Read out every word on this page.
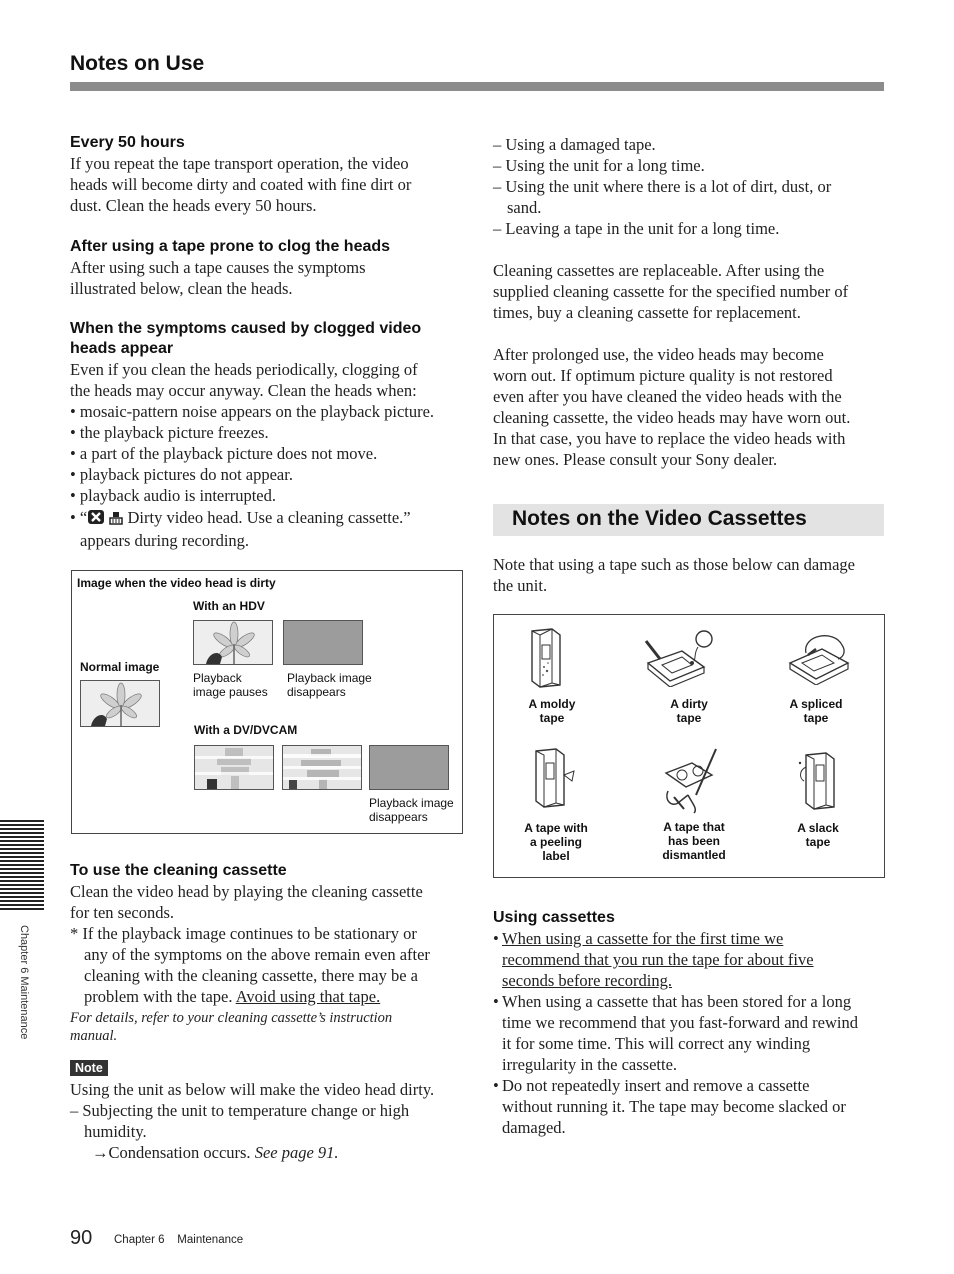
Notes on Use
Every 50 hours
If you repeat the tape transport operation, the video
heads will become dirty and coated with fine dirt or
dust. Clean the heads every 50 hours.
After using a tape prone to clog the heads
After using such a tape causes the symptoms
illustrated below, clean the heads.
When the symptoms caused by clogged video
heads appear
Even if you clean the heads periodically, clogging of
the heads may occur anyway. Clean the heads when:
• mosaic-pattern noise appears on the playback picture.
• the playback picture freezes.
• a part of the playback picture does not move.
• playback pictures do not appear.
• playback audio is interrupted.
• “  Dirty video head. Use a cleaning cassette.”
appears during recording.
Image when the video head is dirty
With an HDV
Normal image
Playback
image pauses
Playback image
disappears
With a DV/DVCAM
Playback image
disappears
To use the cleaning cassette
Clean the video head by playing the cleaning cassette
for ten seconds.
* If the playback image continues to be stationary or
any of the symptoms on the above remain even after
cleaning with the cleaning cassette, there may be a
problem with the tape. Avoid using that tape.
For details, refer to your cleaning cassette’s instruction
manual.
Note
Using the unit as below will make the video head dirty.
– Subjecting the unit to temperature change or high
humidity.
→Condensation occurs. See page 91.
– Using a damaged tape.
– Using the unit for a long time.
– Using the unit where there is a lot of dirt, dust, or
sand.
– Leaving a tape in the unit for a long time.
Cleaning cassettes are replaceable. After using the
supplied cleaning cassette for the specified number of
times, buy a cleaning cassette for replacement.
After prolonged use, the video heads may become
worn out. If optimum picture quality is not restored
even after you have cleaned the video heads with the
cleaning cassette, the video heads may have worn out.
In that case, you have to replace the video heads with
new ones. Please consult your Sony dealer.
Notes on the Video Cassettes
Note that using a tape such as those below can damage
the unit.
A moldy
tape
A dirty
tape
A spliced
tape
A tape with
a peeling
label
A tape that
has been
dismantled
A slack
tape
Using cassettes
• When using a cassette for the first time we
recommend that you run the tape for about five
seconds before recording.
• When using a cassette that has been stored for a long
time we recommend that you fast-forward and rewind
it for some time. This will correct any winding
irregularity in the cassette.
• Do not repeatedly insert and remove a cassette
without running it. The tape may become slacked or
damaged.
Chapter 6 Maintenance
90 Chapter 6    Maintenance
